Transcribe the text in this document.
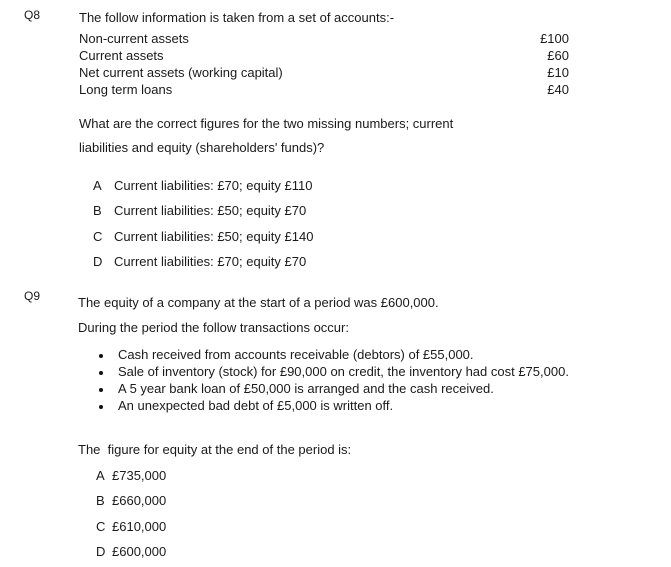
Q8	The follow information is taken from a set of accounts:-
Non-current assets	£100
Current assets	£60
Net current assets (working capital)	£10
Long term loans	£40
What are the correct figures for the two missing numbers; current
liabilities and equity (shareholders' funds)?
A Current liabilities: £70; equity £110
B Current liabilities: £50; equity £70
C Current liabilities: £50; equity £140
D Current liabilities: £70; equity £70
Q9	The equity of a company at the start of a period was £600,000.
During the period the follow transactions occur:
Cash received from accounts receivable (debtors) of £55,000.
Sale of inventory (stock) for £90,000 on credit, the inventory had cost £75,000.
A 5 year bank loan of £50,000 is arranged and the cash received.
An unexpected bad debt of £5,000 is written off.
The  figure for equity at the end of the period is:
A £735,000
B £660,000
C £610,000
D £600,000
